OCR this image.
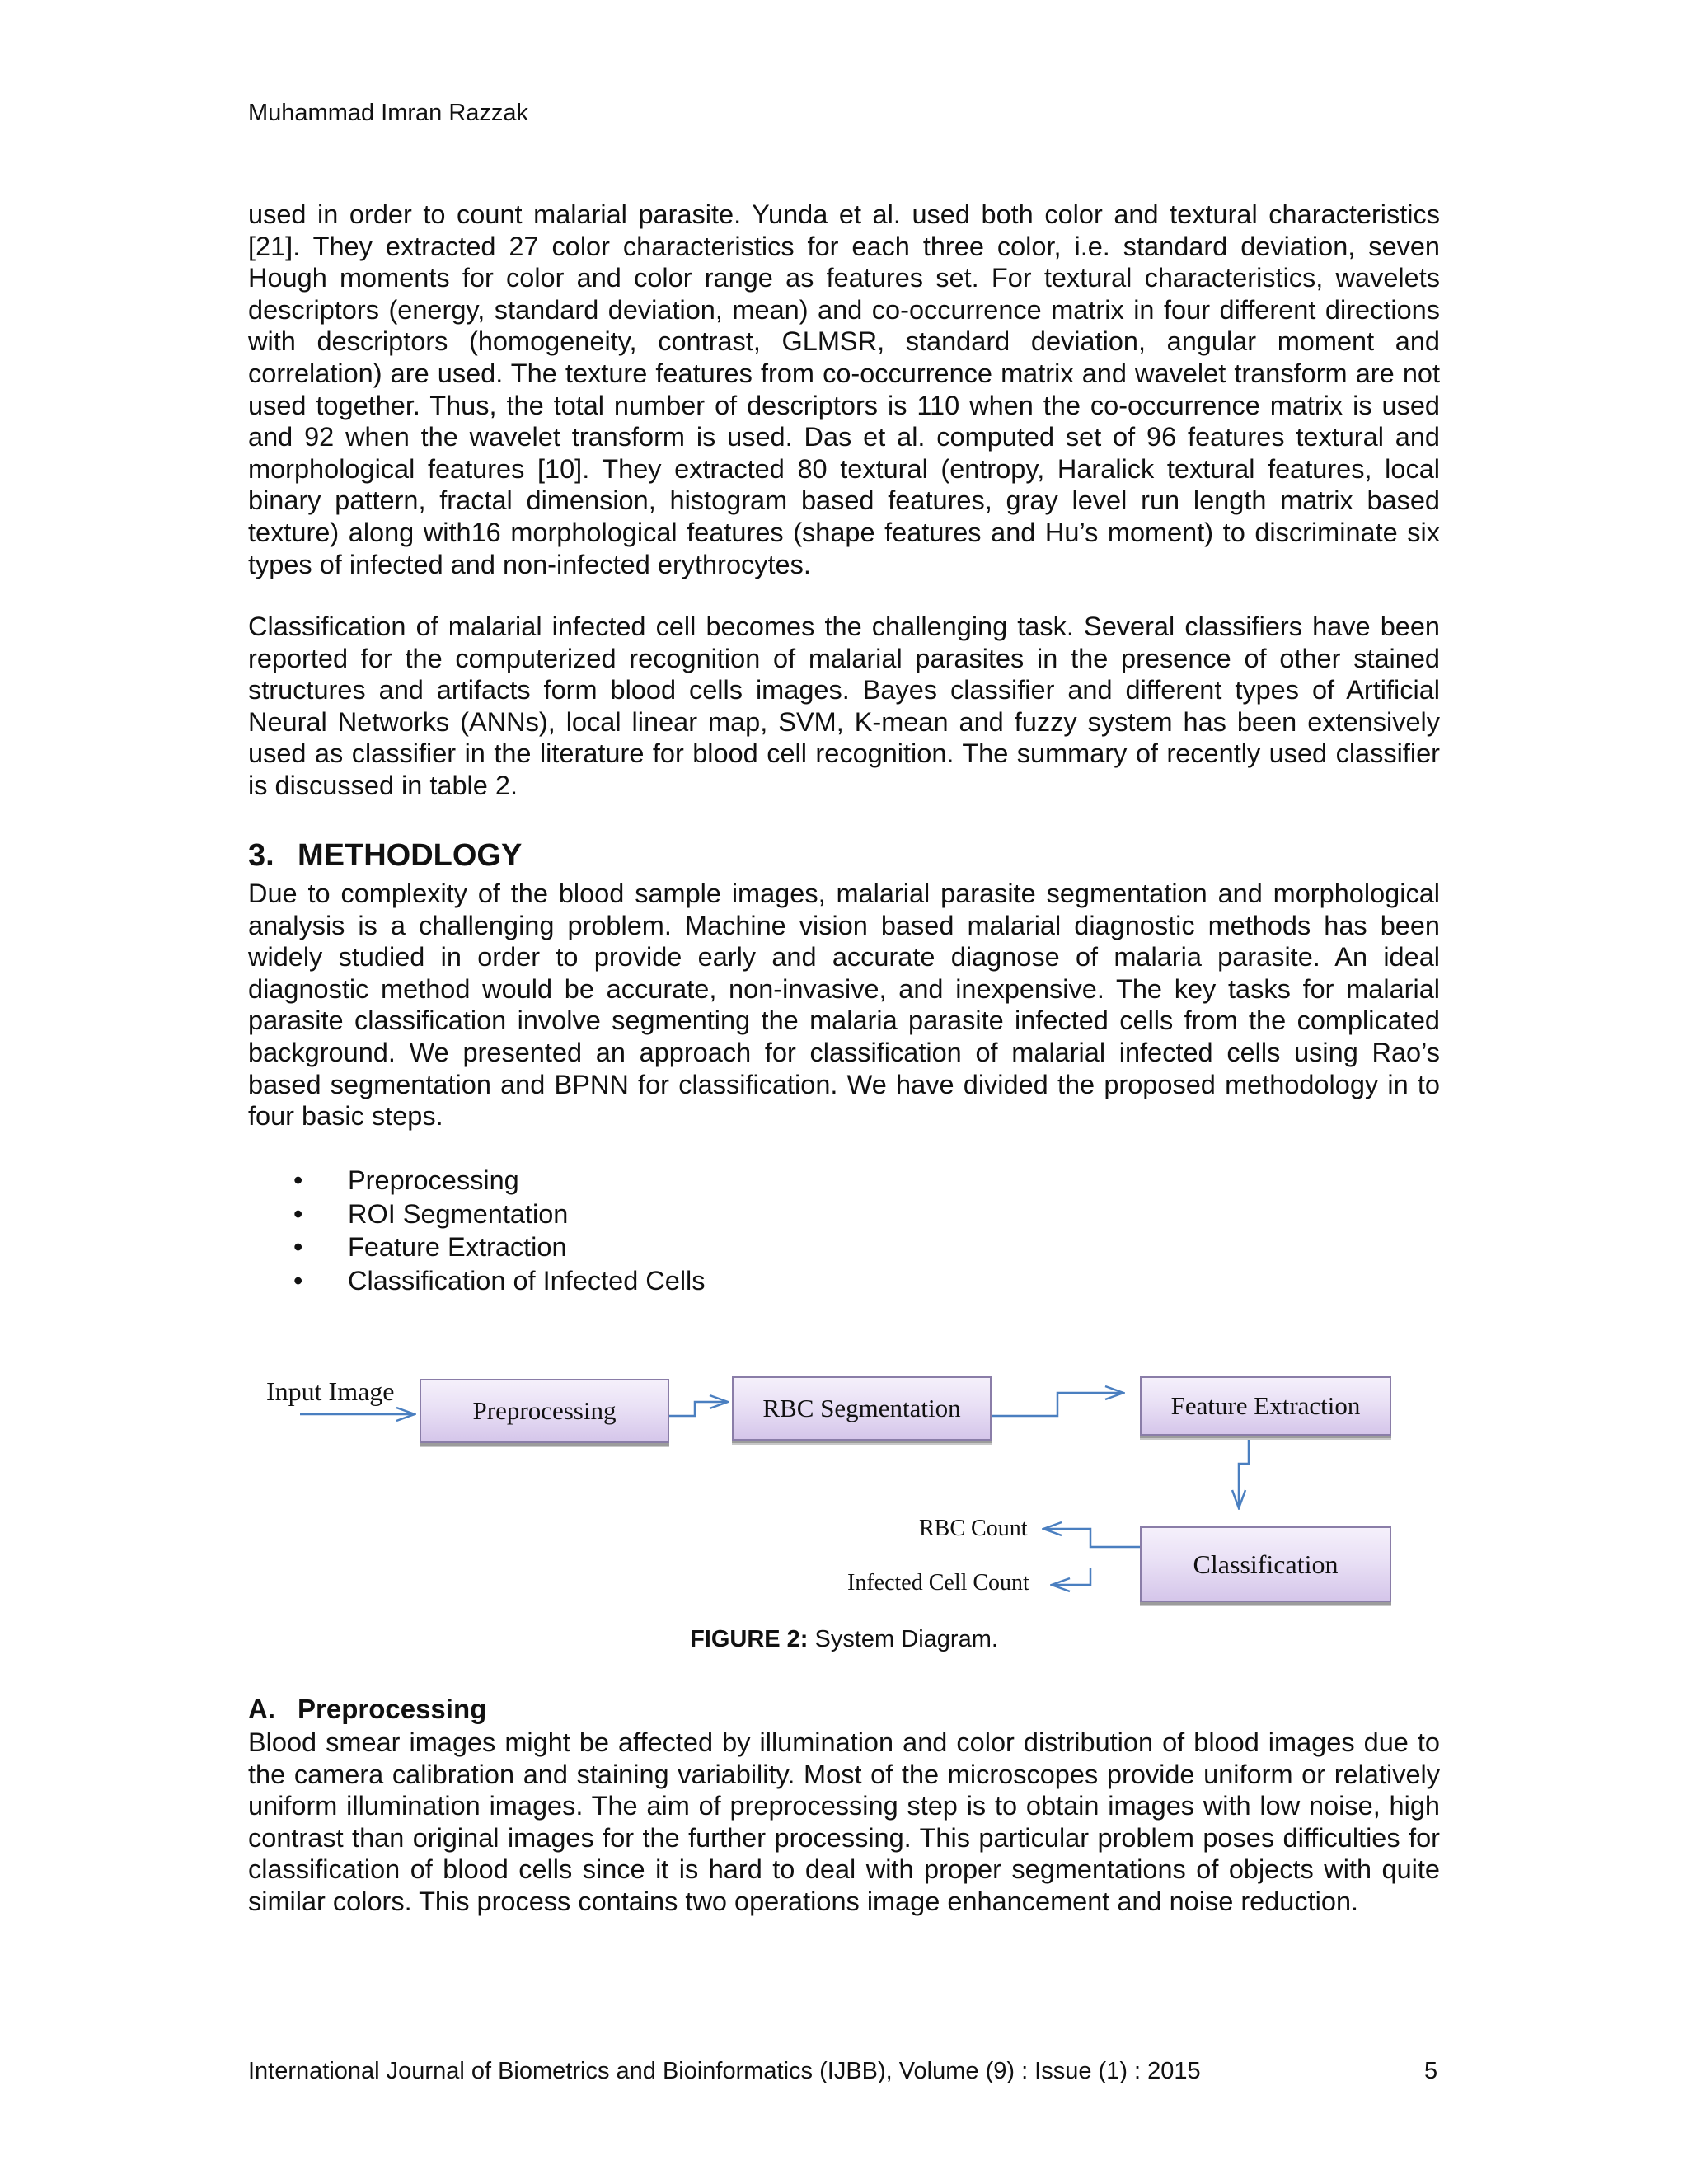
Muhammad Imran Razzak

used in order to count malarial parasite. Yunda et al. used both color and textural characteristics [21]. They extracted 27 color characteristics for each three color, i.e. standard deviation, seven Hough moments for color and color range as features set. For textural characteristics, wavelets descriptors (energy, standard deviation, mean) and co-occurrence matrix in four different directions with descriptors (homogeneity, contrast, GLMSR, standard deviation, angular moment and correlation) are used. The texture features from co-occurrence matrix and wavelet transform are not used together. Thus, the total number of descriptors is 110 when the co-occurrence matrix is used and 92 when the wavelet transform is used. Das et al. computed set of 96 features textural and morphological features [10]. They extracted 80 textural (entropy, Haralick textural features, local binary pattern, fractal dimension, histogram based features, gray level run length matrix based texture) along with16 morphological features (shape features and Hu’s moment) to discriminate six types of infected and non-infected erythrocytes.

Classification of malarial infected cell becomes the challenging task. Several classifiers have been reported for the computerized recognition of malarial parasites in the presence of other stained structures and artifacts form blood cells images. Bayes classifier and different types of Artificial Neural Networks (ANNs), local linear map, SVM, K-mean and fuzzy system has been extensively used as classifier in the literature for blood cell recognition. The summary of recently used classifier is discussed in table 2.

3. METHODLOGY

Due to complexity of the blood sample images, malarial parasite segmentation and morphological analysis is a challenging problem. Machine vision based malarial diagnostic methods has been widely studied in order to provide early and accurate diagnose of malaria parasite. An ideal diagnostic method would be accurate, non-invasive, and inexpensive. The key tasks for malarial parasite classification involve segmenting the malaria parasite infected cells from the complicated background. We presented an approach for classification of malarial infected cells using Rao’s based segmentation and BPNN for classification. We have divided the proposed methodology in to four basic steps.

• Preprocessing
• ROI Segmentation
• Feature Extraction
• Classification of Infected Cells
Input Image
Preprocessing	RBC Segmentation	Feature Extraction
Classification
RBC Count
Infected Cell Count
FIGURE 2: System Diagram.
A. Preprocessing

Blood smear images might be affected by illumination and color distribution of blood images due to the camera calibration and staining variability. Most of the microscopes provide uniform or relatively uniform illumination images. The aim of preprocessing step is to obtain images with low noise, high contrast than original images for the further processing. This particular problem poses difficulties for classification of blood cells since it is hard to deal with proper segmentations of objects with quite similar colors. This process contains two operations image enhancement and noise reduction.

International Journal of Biometrics and Bioinformatics (IJBB), Volume (9) : Issue (1) : 2015	5
